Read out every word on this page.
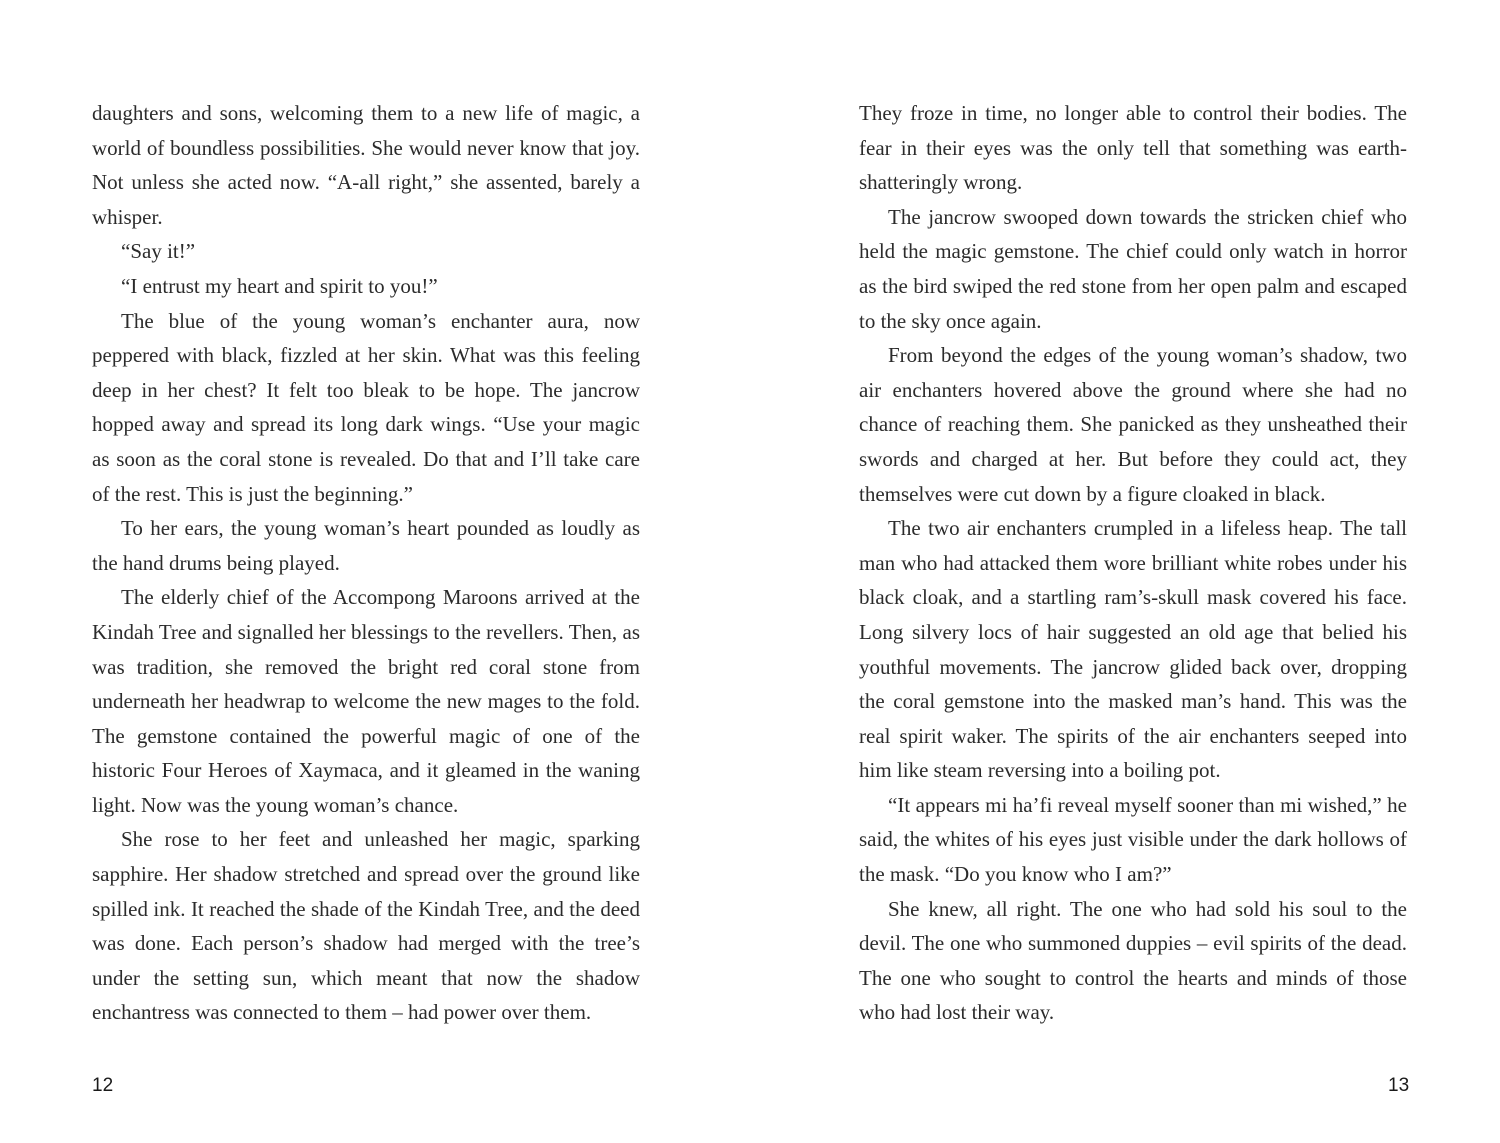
daughters and sons, welcoming them to a new life of magic, a world of boundless possibilities. She would never know that joy. Not unless she acted now. “A-all right,” she assented, barely a whisper.

“Say it!”

“I entrust my heart and spirit to you!”

The blue of the young woman’s enchanter aura, now peppered with black, fizzled at her skin. What was this feeling deep in her chest? It felt too bleak to be hope. The jancrow hopped away and spread its long dark wings. “Use your magic as soon as the coral stone is revealed. Do that and I’ll take care of the rest. This is just the beginning.”

To her ears, the young woman’s heart pounded as loudly as the hand drums being played.

The elderly chief of the Accompong Maroons arrived at the Kindah Tree and signalled her blessings to the revellers. Then, as was tradition, she removed the bright red coral stone from underneath her headwrap to welcome the new mages to the fold. The gemstone contained the powerful magic of one of the historic Four Heroes of Xaymaca, and it gleamed in the waning light. Now was the young woman’s chance.

She rose to her feet and unleashed her magic, sparking sapphire. Her shadow stretched and spread over the ground like spilled ink. It reached the shade of the Kindah Tree, and the deed was done. Each person’s shadow had merged with the tree’s under the setting sun, which meant that now the shadow enchantress was connected to them – had power over them.

12

They froze in time, no longer able to control their bodies. The fear in their eyes was the only tell that something was earth-shatteringly wrong.

The jancrow swooped down towards the stricken chief who held the magic gemstone. The chief could only watch in horror as the bird swiped the red stone from her open palm and escaped to the sky once again.

From beyond the edges of the young woman’s shadow, two air enchanters hovered above the ground where she had no chance of reaching them. She panicked as they unsheathed their swords and charged at her. But before they could act, they themselves were cut down by a figure cloaked in black.

The two air enchanters crumpled in a lifeless heap. The tall man who had attacked them wore brilliant white robes under his black cloak, and a startling ram’s-skull mask covered his face. Long silvery locs of hair suggested an old age that belied his youthful movements. The jancrow glided back over, dropping the coral gemstone into the masked man’s hand. This was the real spirit waker. The spirits of the air enchanters seeped into him like steam reversing into a boiling pot.

“It appears mi ha’fi reveal myself sooner than mi wished,” he said, the whites of his eyes just visible under the dark hollows of the mask. “Do you know who I am?”

She knew, all right. The one who had sold his soul to the devil. The one who summoned duppies – evil spirits of the dead. The one who sought to control the hearts and minds of those who had lost their way.

13
